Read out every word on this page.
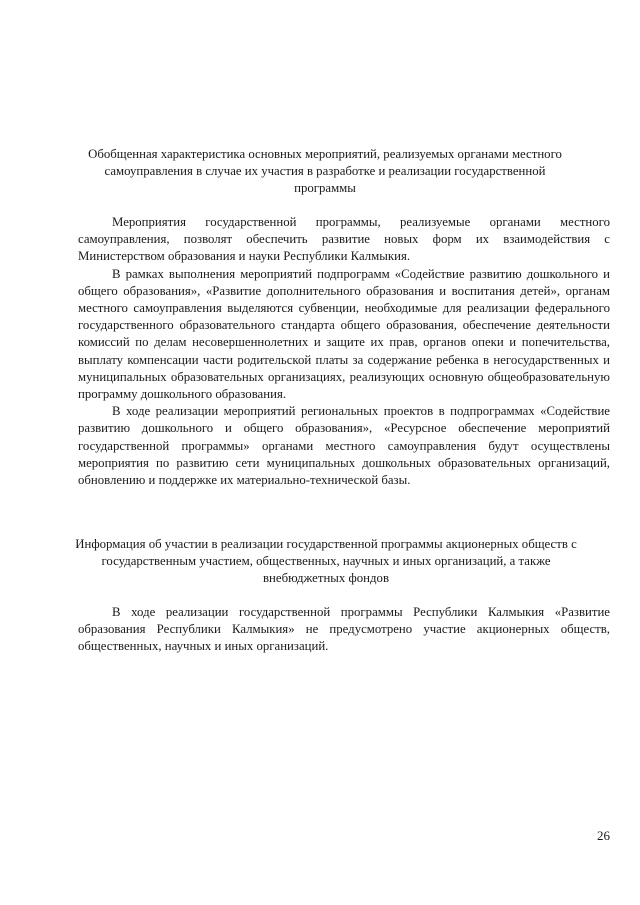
Обобщенная характеристика основных мероприятий, реализуемых органами местного самоуправления в случае их участия в разработке и реализации государственной программы

Мероприятия государственной программы, реализуемые органами местного самоуправления, позволят обеспечить развитие новых форм их взаимодействия с Министерством образования и науки Республики Калмыкия.

В рамках выполнения мероприятий подпрограмм «Содействие развитию дошкольного и общего образования», «Развитие дополнительного образования и воспитания детей», органам местного самоуправления выделяются субвенции, необходимые для реализации федерального государственного образовательного стандарта общего образования, обеспечение деятельности комиссий по делам несовершеннолетних и защите их прав, органов опеки и попечительства, выплату компенсации части родительской платы за содержание ребенка в негосударственных и муниципальных образовательных организациях, реализующих основную общеобразовательную программу дошкольного образования.

В ходе реализации мероприятий региональных проектов в подпрограммах «Содействие развитию дошкольного и общего образования», «Ресурсное обеспечение мероприятий государственной программы» органами местного самоуправления будут осуществлены мероприятия по развитию сети муниципальных дошкольных образовательных организаций, обновлению и поддержке их материально-технической базы.

Информация об участии в реализации государственной программы акционерных обществ с государственным участием, общественных, научных и иных организаций, а также внебюджетных фондов

В ходе реализации государственной программы Республики Калмыкия «Развитие образования Республики Калмыкия» не предусмотрено участие акционерных обществ, общественных, научных и иных организаций.

26
